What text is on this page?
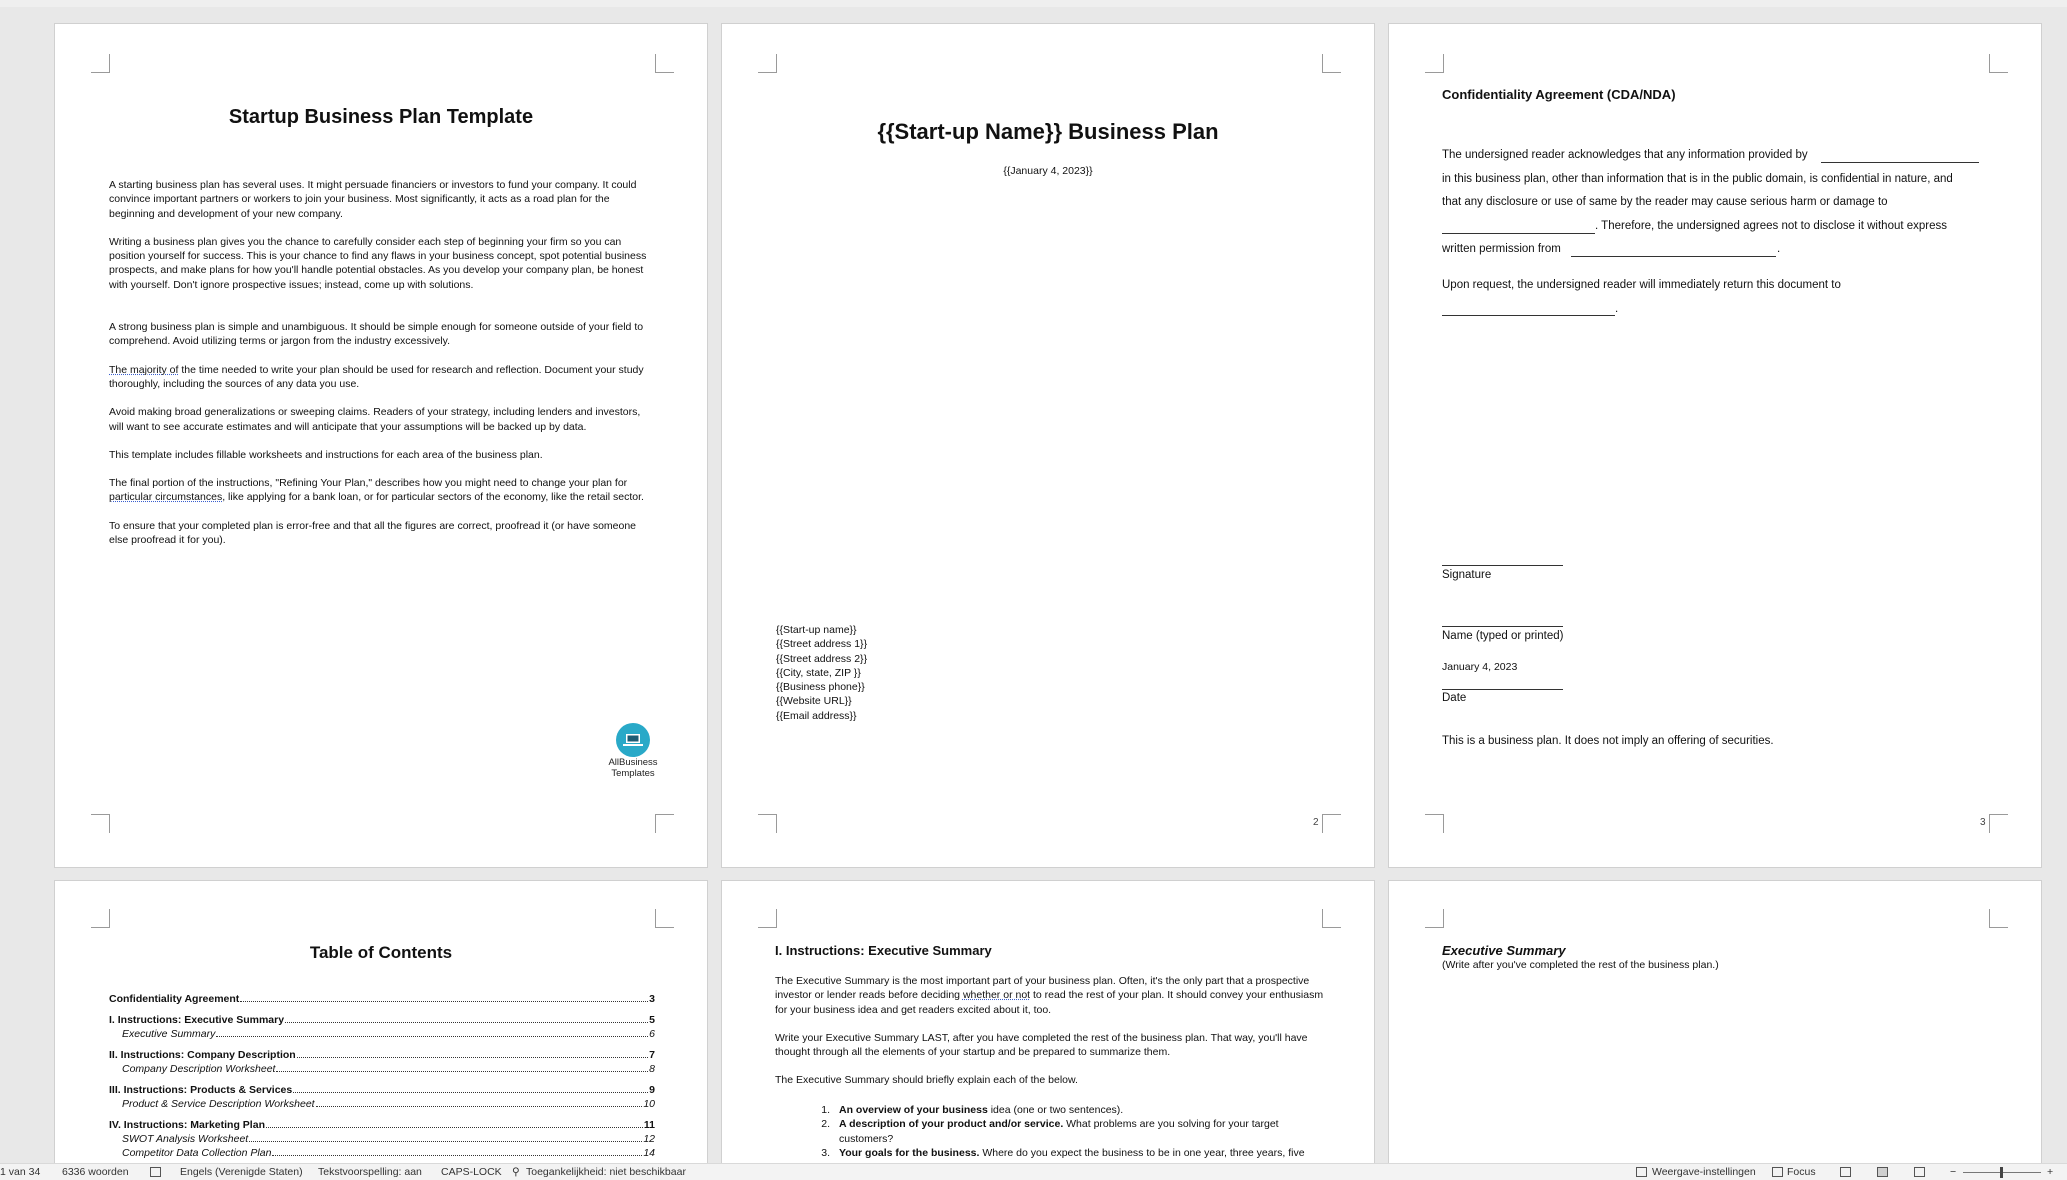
Startup Business Plan Template

A starting business plan has several uses. It might persuade financiers or investors to fund your company. It could convince important partners or workers to join your business. Most significantly, it acts as a road plan for the beginning and development of your new company.

Writing a business plan gives you the chance to carefully consider each step of beginning your firm so you can position yourself for success. This is your chance to find any flaws in your business concept, spot potential business prospects, and make plans for how you'll handle potential obstacles. As you develop your company plan, be honest with yourself. Don't ignore prospective issues; instead, come up with solutions.

A strong business plan is simple and unambiguous. It should be simple enough for someone outside of your field to comprehend. Avoid utilizing terms or jargon from the industry excessively.

The majority of the time needed to write your plan should be used for research and reflection. Document your study thoroughly, including the sources of any data you use.

Avoid making broad generalizations or sweeping claims. Readers of your strategy, including lenders and investors, will want to see accurate estimates and will anticipate that your assumptions will be backed up by data.

This template includes fillable worksheets and instructions for each area of the business plan.

The final portion of the instructions, "Refining Your Plan," describes how you might need to change your plan for particular circumstances, like applying for a bank loan, or for particular sectors of the economy, like the retail sector.

To ensure that your completed plan is error-free and that all the figures are correct, proofread it (or have someone else proofread it for you).

AllBusiness
Templates
{{Start-up Name}} Business Plan
{{January 4, 2023}}
{{Start-up name}}
{{Street address 1}}
{{Street address 2}}
{{City, state, ZIP }}
{{Business phone}}
{{Website URL}}
{{Email address}}
2
Confidentiality Agreement (CDA/NDA)
The undersigned reader acknowledges that any information provided by
in this business plan, other than information that is in the public domain, is confidential in nature, and
that any disclosure or use of same by the reader may cause serious harm or damage to
. Therefore, the undersigned agrees not to disclose it without express
written permission from	.
Upon request, the undersigned reader will immediately return this document to
.
Signature
Name (typed or printed)
January 4, 2023
Date
This is a business plan. It does not imply an offering of securities.
3
Table of Contents
Confidentiality Agreement	3
I. Instructions: Executive Summary	5
Executive Summary	6
II. Instructions: Company Description	7
Company Description Worksheet	8
III. Instructions: Products & Services	9
Product & Service Description Worksheet	10
IV. Instructions: Marketing Plan	11
SWOT Analysis Worksheet	12
Competitor Data Collection Plan	14
I. Instructions: Executive Summary

The Executive Summary is the most important part of your business plan. Often, it's the only part that a prospective investor or lender reads before deciding whether or not to read the rest of your plan. It should convey your enthusiasm for your business idea and get readers excited about it, too.

Write your Executive Summary LAST, after you have completed the rest of the business plan. That way, you'll have thought through all the elements of your startup and be prepared to summarize them.

The Executive Summary should briefly explain each of the below.

1. An overview of your business idea (one or two sentences).
2. A description of your product and/or service. What problems are you solving for your target customers?
3. Your goals for the business. Where do you expect the business to be in one year, three years, five
Executive Summary
(Write after you've completed the rest of the business plan.)
1 van 34 6336 woorden	Engels (Verenigde Staten) Tekstvoorspelling: aan CAPS-LOCK ⚲ Toegankelijkheid: niet beschikbaar	Weergave-instellingen	Focus	−	+
